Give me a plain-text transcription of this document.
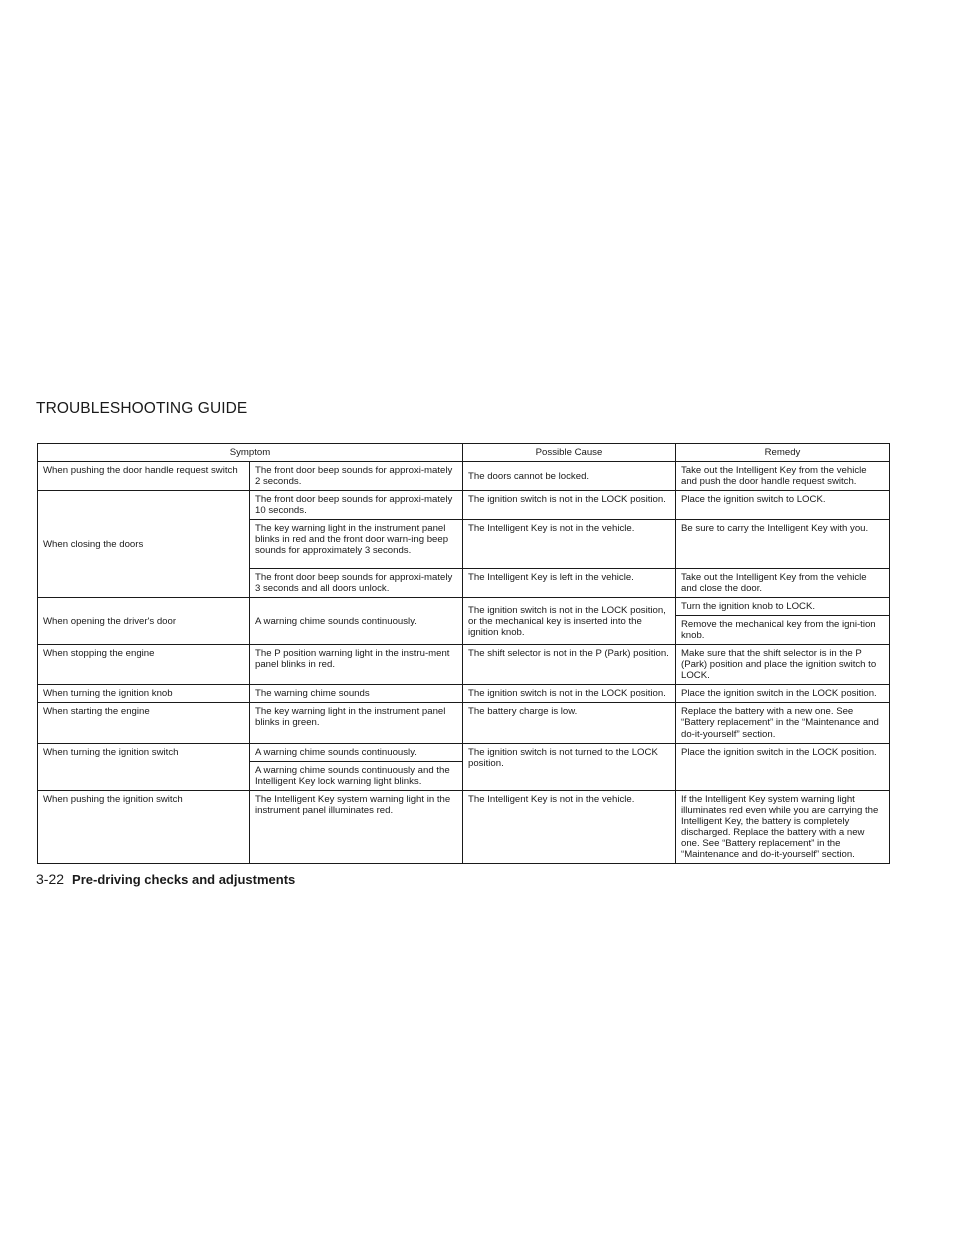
TROUBLESHOOTING GUIDE
Symptom		Possible Cause	Remedy
When pushing the door handle request switch	The front door beep sounds for approxi-mately 2 seconds.	The doors cannot be locked.	Take out the Intelligent Key from the vehicle and push the door handle request switch.
When closing the doors	The front door beep sounds for approxi-mately 10 seconds.	The ignition switch is not in the LOCK position.	Place the ignition switch to LOCK.
	The key warning light in the instrument panel blinks in red and the front door warn-ing beep sounds for approximately 3 seconds.	The Intelligent Key is not in the vehicle.	Be sure to carry the Intelligent Key with you.
	The front door beep sounds for approxi-mately 3 seconds and all doors unlock.	The Intelligent Key is left in the vehicle.	Take out the Intelligent Key from the vehicle and close the door.
When opening the driver's door	A warning chime sounds continuously.	The ignition switch is not in the LOCK position, or the mechanical key is inserted into the ignition knob.	Turn the ignition knob to LOCK.
			Remove the mechanical key from the igni-tion knob.
When stopping the engine	The P position warning light in the instru-ment panel blinks in red.	The shift selector is not in the P (Park) position.	Make sure that the shift selector is in the P (Park) position and place the ignition switch to LOCK.
When turning the ignition knob	The warning chime sounds	The ignition switch is not in the LOCK position.	Place the ignition switch in the LOCK position.
When starting the engine	The key warning light in the instrument panel blinks in green.	The battery charge is low.	Replace the battery with a new one. See “Battery replacement” in the “Maintenance and do-it-yourself” section.
When turning the ignition switch	A warning chime sounds continuously.	The ignition switch is not turned to the LOCK position.	Place the ignition switch in the LOCK position.
	A warning chime sounds continuously and the Intelligent Key lock warning light blinks.		
When pushing the ignition switch	The Intelligent Key system warning light in the instrument panel illuminates red.	The Intelligent Key is not in the vehicle.	If the Intelligent Key system warning light illuminates red even while you are carrying the Intelligent Key, the battery is completely discharged. Replace the battery with a new one. See “Battery replacement” in the “Maintenance and do-it-yourself” section.
3-22 Pre-driving checks and adjustments
